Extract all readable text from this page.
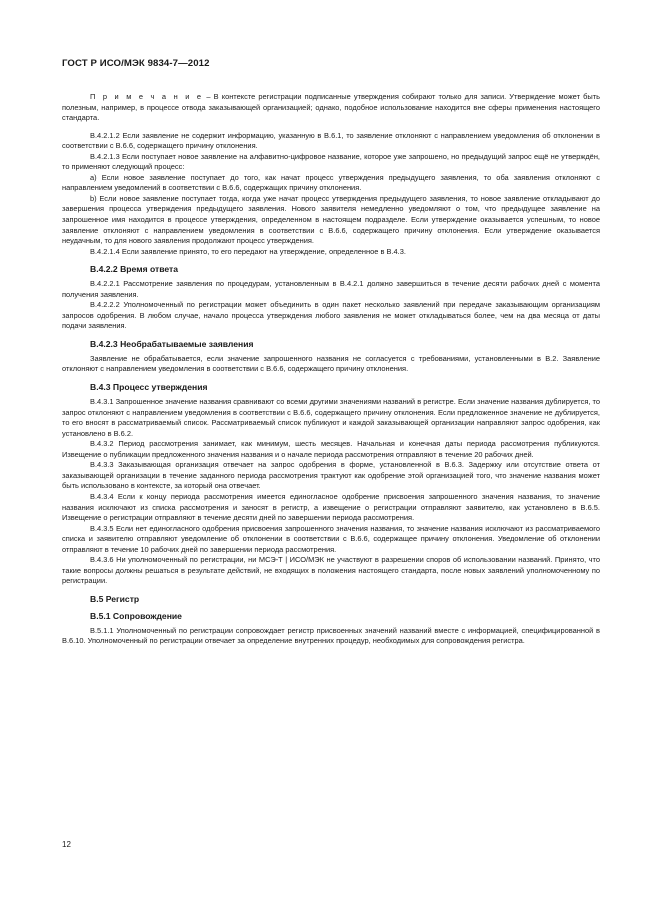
ГОСТ Р ИСО/МЭК 9834-7—2012

П р и м е ч а н и е – В контексте регистрации подписанные утверждения собирают только для записи. Утверждение может быть полезным, например, в процессе отвода заказывающей организацией; однако, подобное использование находится вне сферы применения настоящего стандарта.

B.4.2.1.2 Если заявление не содержит информацию, указанную в В.6.1, то заявление отклоняют с направлением уведомления об отклонении в соответствии с В.6.6, содержащего причину отклонения.

B.4.2.1.3 Если поступает новое заявление на алфавитно-цифровое название, которое уже запрошено, но предыдущий запрос ещё не утверждён, то применяют следующий процесс:

а) Если новое заявление поступает до того, как начат процесс утверждения предыдущего заявления, то оба заявления отклоняют с направлением уведомлений в соответствии с В.6.6, содержащих причину отклонения.

b) Если новое заявление поступает тогда, когда уже начат процесс утверждения предыдущего заявления, то новое заявление откладывают до завершения процесса утверждения предыдущего заявления. Нового заявителя немедленно уведомляют о том, что предыдущее заявление на запрошенное имя находится в процессе утверждения, определенном в настоящем подразделе. Если утверждение оказывается успешным, то новое заявление отклоняют с направлением уведомления в соответствии с В.6.6, содержащего причину отклонения. Если утверждение оказывается неудачным, то для нового заявления продолжают процесс утверждения.

B.4.2.1.4 Если заявление принято, то его передают на утверждение, определенное в В.4.3.

B.4.2.2 Время ответа

B.4.2.2.1 Рассмотрение заявления по процедурам, установленным в В.4.2.1 должно завершиться в течение десяти рабочих дней с момента получения заявления.

B.4.2.2.2 Уполномоченный по регистрации может объединить в один пакет несколько заявлений при передаче заказывающим организациям запросов одобрения. В любом случае, начало процесса утверждения любого заявления не может откладываться более, чем на два месяца от даты подачи заявления.

B.4.2.3 Необрабатываемые заявления

Заявление не обрабатывается, если значение запрошенного названия не согласуется с требованиями, установленными в В.2. Заявление отклоняют с направлением уведомления в соответствии с В.6.6, содержащего причину отклонения.

B.4.3 Процесс утверждения

B.4.3.1 Запрошенное значение названия сравнивают со всеми другими значениями названий в регистре. Если значение названия дублируется, то запрос отклоняют с направлением уведомления в соответствии с В.6.6, содержащего причину отклонения. Если предложенное значение не дублируется, то его вносят в рассматриваемый список. Рассматриваемый список публикуют и каждой заказывающей организации направляют запрос одобрения, как установлено в В.6.2.

B.4.3.2 Период рассмотрения занимает, как минимум, шесть месяцев. Начальная и конечная даты периода рассмотрения публикуются. Извещение о публикации предложенного значения названия и о начале периода рассмотрения отправляют в течение 20 рабочих дней.

B.4.3.3 Заказывающая организация отвечает на запрос одобрения в форме, установленной в В.6.3. Задержку или отсутствие ответа от заказывающей организации в течение заданного периода рассмотрения трактуют как одобрение этой организацией того, что значение названия может быть использовано в контексте, за который она отвечает.

B.4.3.4 Если к концу периода рассмотрения имеется единогласное одобрение присвоения запрошенного значения названия, то значение названия исключают из списка рассмотрения и заносят в регистр, а извещение о регистрации отправляют заявителю, как установлено в В.6.5. Извещение о регистрации отправляют в течение десяти дней по завершении периода рассмотрения.

B.4.3.5 Если нет единогласного одобрения присвоения запрошенного значения названия, то значение названия исключают из рассматриваемого списка и заявителю отправляют уведомление об отклонении в соответствии с В.6.6, содержащее причину отклонения. Уведомление об отклонении отправляют в течение 10 рабочих дней по завершении периода рассмотрения.

B.4.3.6 Ни уполномоченный по регистрации, ни МСЭ-Т | ИСО/МЭК не участвуют в разрешении споров об использовании названий. Принято, что такие вопросы должны решаться в результате действий, не входящих в положения настоящего стандарта, после новых заявлений уполномоченному по регистрации.

B.5 Регистр
B.5.1 Сопровождение

B.5.1.1 Уполномоченный по регистрации сопровождает регистр присвоенных значений названий вместе с информацией, специфицированной в В.6.10. Уполномоченный по регистрации отвечает за определение внутренних процедур, необходимых для сопровождения регистра.

12
